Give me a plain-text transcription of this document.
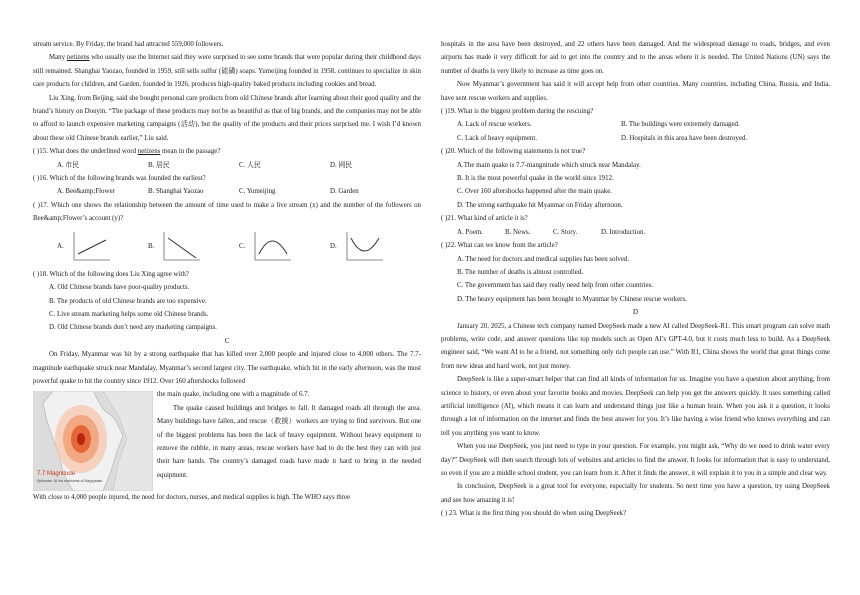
stream service. By Friday, the brand had attracted 559,000 followers.

Many netizens who usually use the Internet said they were surprised to see some brands that were popular during their childhood days still remained. Shanghai Yaozao, founded in 1959, still sells sulfur (硫磺) soaps. Yumeijing founded in 1958, continues to specialize in skin care products for children, and Garden, founded in 1926, produces high-quality baked products including cookies and bread.

Liu Xing, from Beijing, said she bought personal care products from old Chinese brands after learning about their good quality and the brand’s history on Douyin. “The package of these products may not be as beautiful as that of big brands, and the companies may not be able to afford to launch expensive marketing campaigns (活动), but the quality of the products and their prices surprised me. I wish I’d known about these old Chinese brands earlier,” Liu said.

( )15. What does the underlined word netizens mean in the passage?

A. 市民	B. 居民	C. 人民	D. 网民

( )16. Which of the following brands was founded the earliest?

A. Bee&amp;Flower	B. Shanghai Yaozao	C. Yumeijing	D. Garden

( )17. Which one shows the relationship between the amount of time used to make a live stream (x) and the number of the followers on Bee&amp;Flower’s account (y)?

A.	B.	C.	D.

( )18. Which of the following does Liu Xing agree with?

A. Old Chinese brands have poor-quality products.

B. The products of old Chinese brands are too expensive.

C. Live stream marketing helps some old Chinese brands.

D. Old Chinese brands don’t need any marketing campaigns.

C

On Friday, Myanmar was hit by a strong earthquake that has killed over 2,000 people and injured close to 4,000 others. The 7.7-magnitude earthquake struck near Mandalay, Myanmar’s second largest city. The earthquake, which hit in the early afternoon, was the most powerful quake to hit the country since 1912. Over 160 aftershocks followed

7.7 Magnitude
Epicenter 16 km northwest of Naypyidaw

the main quake, including one with a magnitude of 6.7.

The quake caused buildings and bridges to fall. It damaged roads all through the area. Many buildings have fallen, and rescue（救援）workers are trying to find survivors. But one of the biggest problems has been the lack of heavy equipment. Without heavy equipment to remove the rubble, in many areas, rescue workers have had to do the best they can with just their bare hands. The country’s damaged roads have made it hard to bring in the needed equipment.

With close to 4,000 people injured, the need for doctors, nurses, and medical supplies is high. The WHO says three

hospitals in the area have been destroyed, and 22 others have been damaged. And the widespread damage to roads, bridges, and even airports has made it very difficult for aid to get into the country and to the areas where it is needed. The United Nations (UN) says the number of deaths is very likely to increase as time goes on.

Now Myanmar’s government has said it will accept help from other countries. Many countries, including China, Russia, and India, have sent rescue workers and supplies.

( )19. What is the biggest problem during the rescuing?

A. Lack of rescue workers.	B. The buildings were extremely damaged.
C. Lack of heavy equipment.	D. Hospitals in this area have been destroyed.

( )20. Which of the following statements is not true?

A.The main quake is 7.7-mangnitude which struck near Mandalay.

B. It is the most powerful quake in the world since 1912.

C. Over 160 aftershocks happened after the main quake.

D. The strong earthquake hit Myanmar on Friday afternoon.

( )21. What kind of article it is?

A. Poem.	B. News.	C. Story.	D. Introduction.

( )22. What can we know from the article?

A. The need for doctors and medical supplies has been solved.

B. The number of deaths is almost controlled.

C. The government has said they really need help from other countries.

D. The heavy equipment has been brought to Myanmar by Chinese rescue workers.

D

January 20, 2025, a Chinese tech company named DeepSeek made a new AI called DeepSeek-R1. This smart program can solve math problems, write code, and answer questions like top models such as Open AI’s GPT-4.0, but it costs much less to build. As a DeepSeek engineer said, “We want AI to be a friend, not something only rich people can use.” With R1, China shows the world that great things come from new ideas and hard work, not just money.

DeepSeek is like a super-smart helper that can find all kinds of information for us. Imagine you have a question about anything, from science to history, or even about your favorite books and movies. DeepSeek can help you get the answers quickly. It uses something called artificial intelligence (AI), which means it can learn and understand things just like a human brain. When you ask it a question, it looks through a lot of information on the internet and finds the best answer for you. It’s like having a wise friend who knows everything and can tell you anything you want to know.

When you use DeepSeek, you just need to type in your question. For example, you might ask, “Why do we need to drink water every day?” DeepSeek will then search through lots of websites and articles to find the answer. It looks for information that is easy to understand, so even if you are a middle school student, you can learn from it. After it finds the answer, it will explain it to you in a simple and clear way.

In conclusion, DeepSeek is a great tool for everyone, especially for students. So next time you have a question, try using DeepSeek and see how amazing it is!

( ) 23. What is the first thing you should do when using DeepSeek?
